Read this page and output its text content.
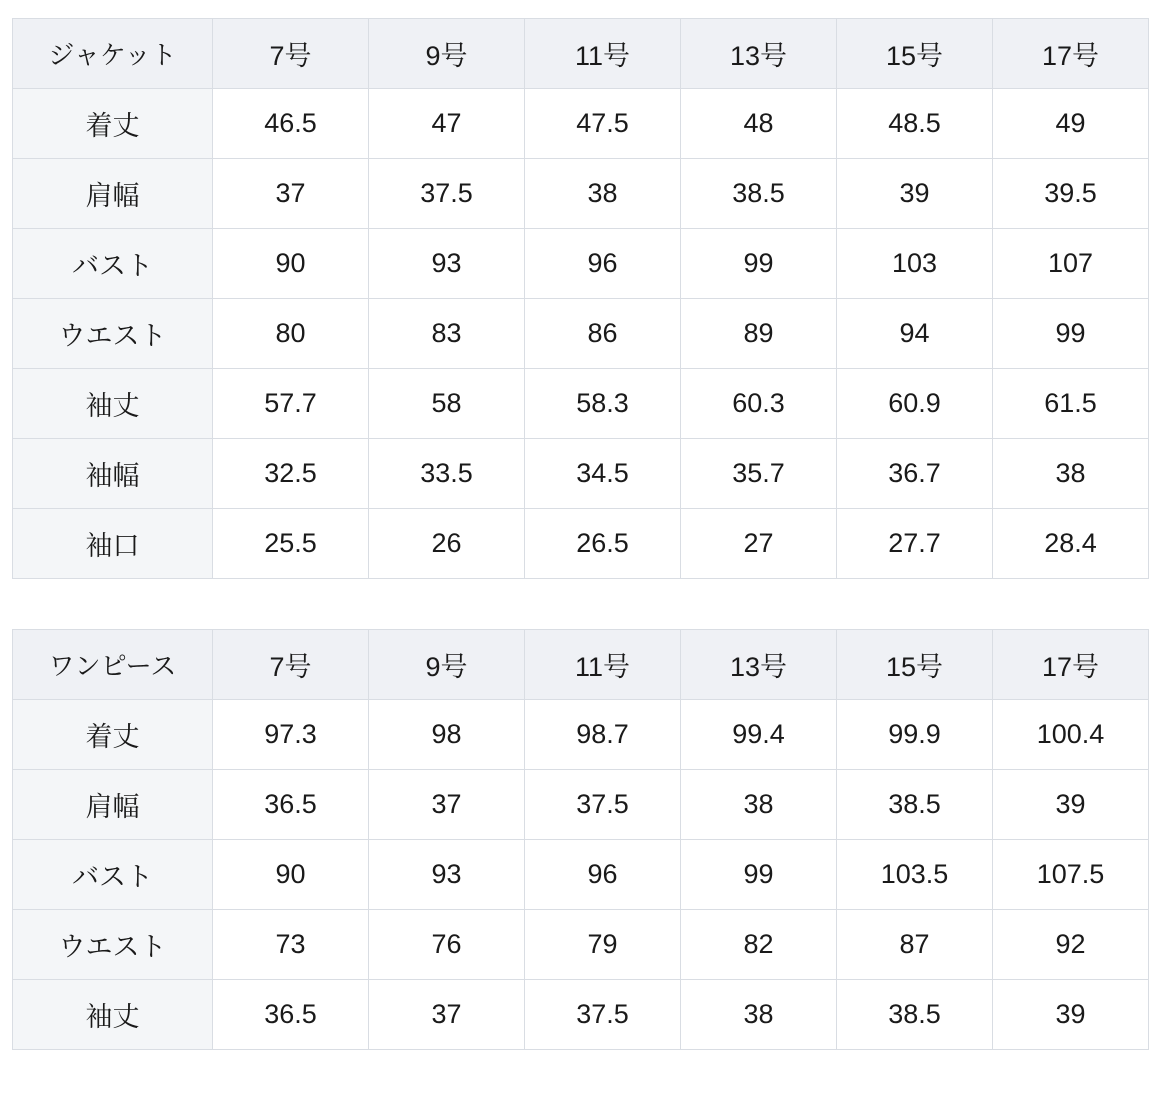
ジャケット	7号	9号	11号	13号	15号	17号
着丈	46.5	47	47.5	48	48.5	49
肩幅	37	37.5	38	38.5	39	39.5
バスト	90	93	96	99	103	107
ウエスト	80	83	86	89	94	99
袖丈	57.7	58	58.3	60.3	60.9	61.5
袖幅	32.5	33.5	34.5	35.7	36.7	38
袖口	25.5	26	26.5	27	27.7	28.4
ワンピース	7号	9号	11号	13号	15号	17号
着丈	97.3	98	98.7	99.4	99.9	100.4
肩幅	36.5	37	37.5	38	38.5	39
バスト	90	93	96	99	103.5	107.5
ウエスト	73	76	79	82	87	92
袖丈	36.5	37	37.5	38	38.5	39
